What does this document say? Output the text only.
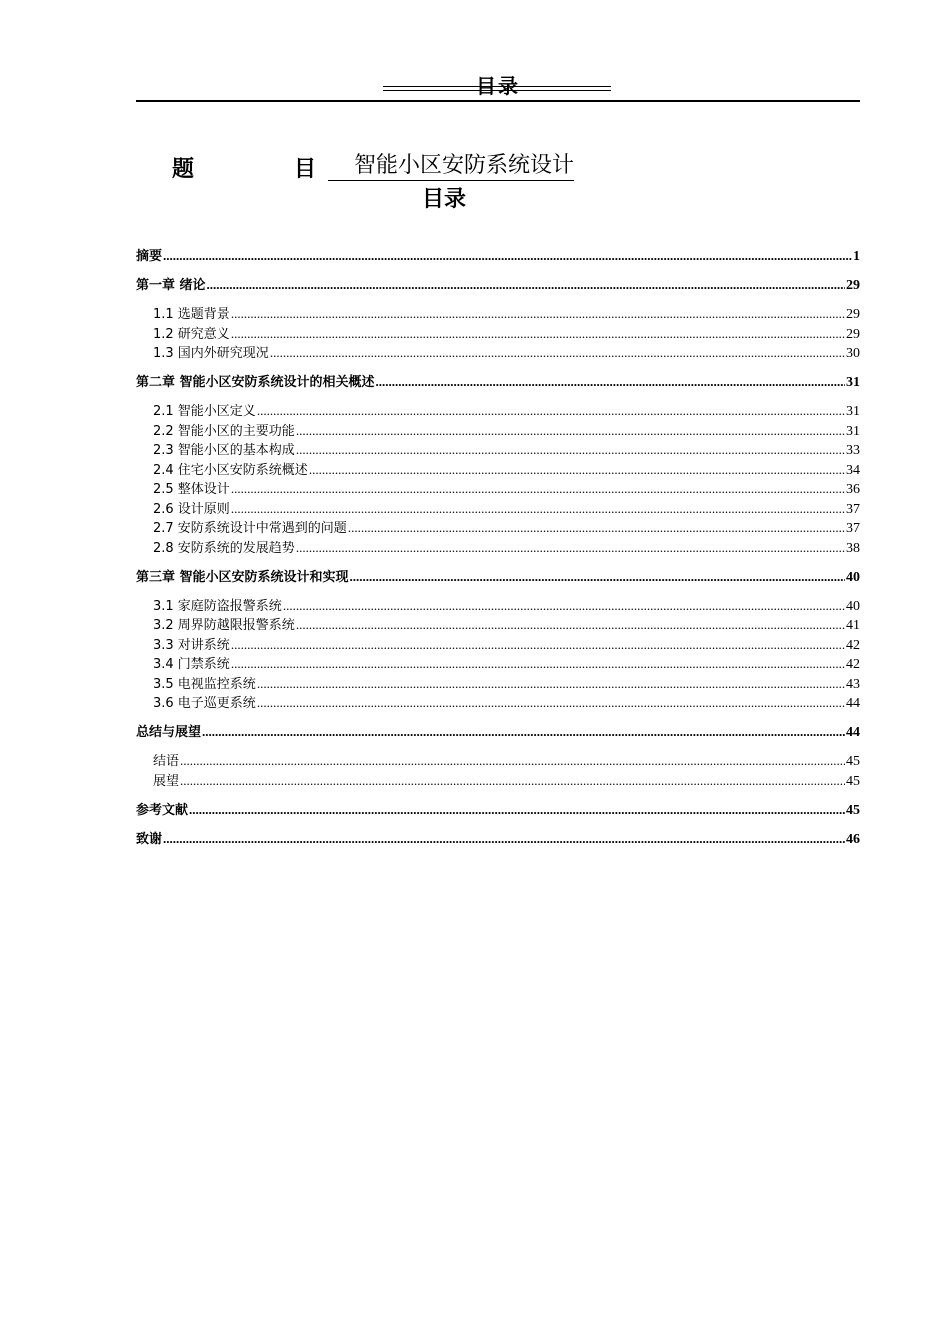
目录
题	目	智能小区安防系统设计
目录
摘要 .....	1
第一章 绪论 .....	29
1.1 选题背景 .....	29
1.2 研究意义 .....	29
1.3 国内外研究现况 .....	30
第二章 智能小区安防系统设计的相关概述 .....	31
2.1 智能小区定义 .....	31
2.2 智能小区的主要功能 .....	31
2.3 智能小区的基本构成 .....	33
2.4 住宅小区安防系统概述 .....	34
2.5 整体设计 .....	36
2.6 设计原则 .....	37
2.7 安防系统设计中常遇到的问题 .....	37
2.8 安防系统的发展趋势 .....	38
第三章 智能小区安防系统设计和实现 .....	40
3.1 家庭防盗报警系统 .....	40
3.2 周界防越限报警系统 .....	41
3.3 对讲系统 .....	42
3.4 门禁系统 .....	42
3.5 电视监控系统 .....	43
3.6 电子巡更系统 .....	44
总结与展望 .....	44
结语 .....	45
展望 .....	45
参考文献 .....	45
致谢 .....	46
